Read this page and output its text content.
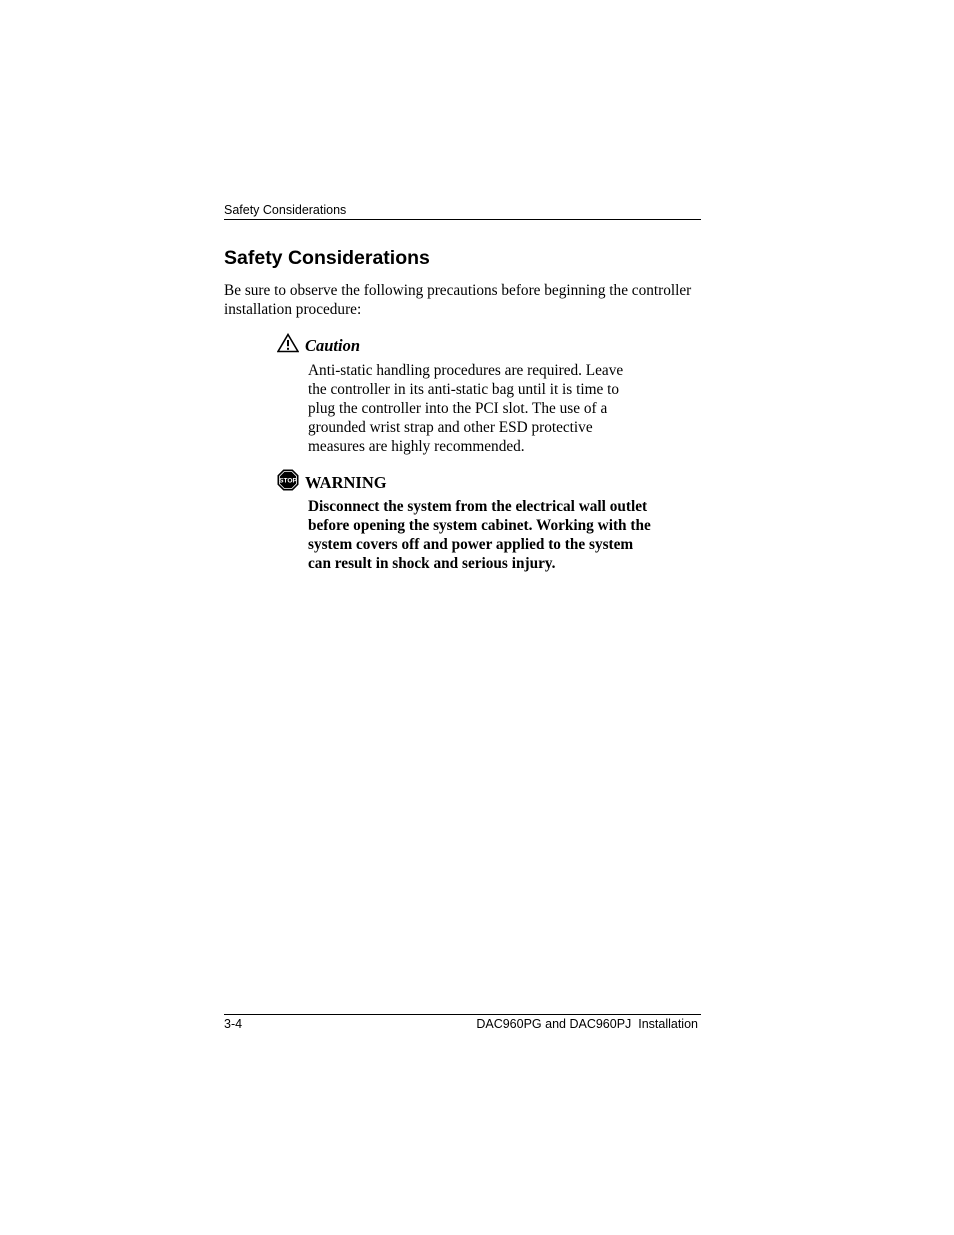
Safety Considerations
Safety Considerations

Be sure to observe the following precautions before beginning the controller installation procedure:

Caution

Anti-static handling procedures are required. Leave the controller in its anti-static bag until it is time to plug the controller into the PCI slot. The use of a grounded wrist strap and other ESD protective measures are highly recommended.

STOP WARNING

Disconnect the system from the electrical wall outlet before opening the system cabinet. Working with the system covers off and power applied to the system can result in shock and serious injury.

3-4	DAC960PG and DAC960PJ  Installation
